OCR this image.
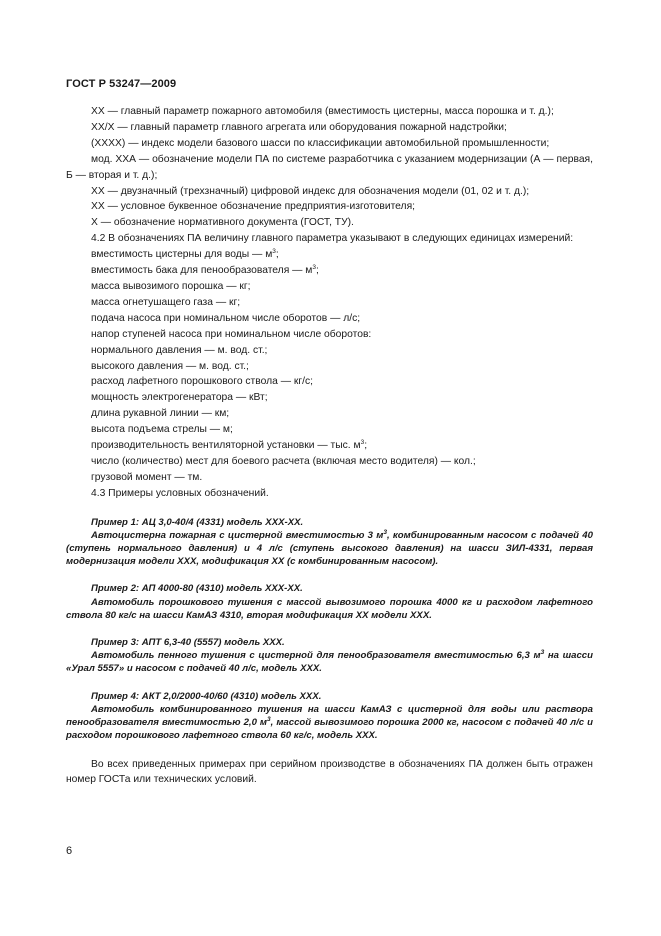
ГОСТ Р 53247—2009

ХХ — главный параметр пожарного автомобиля (вместимость цистерны, масса порошка и т. д.);

ХХ/Х — главный параметр главного агрегата или оборудования пожарной надстройки;

(ХХХХ) — индекс модели базового шасси по классификации автомобильной промышленности;

мод. ХХА — обозначение модели ПА по системе разработчика с указанием модернизации (А — первая, Б — вторая и т. д.);

ХХ — двузначный (трехзначный) цифровой индекс для обозначения модели (01, 02 и т. д.);

ХХ — условное буквенное обозначение предприятия-изготовителя;

Х — обозначение нормативного документа (ГОСТ, ТУ).

4.2 В обозначениях ПА величину главного параметра указывают в следующих единицах измерений:

вместимость цистерны для воды — $м^3$;

вместимость бака для пенообразователя — $м^3$;

масса вывозимого порошка — кг;

масса огнетушащего газа — кг;

подача насоса при номинальном числе оборотов — л/с;

напор ступеней насоса при номинальном числе оборотов:

нормального давления — м. вод. ст.;

высокого давления — м. вод. ст.;

расход лафетного порошкового ствола — кг/с;

мощность электрогенератора — кВт;

длина рукавной линии — км;

высота подъема стрелы — м;

производительность вентиляторной установки — тыс. $м^3$;

число (количество) мест для боевого расчета (включая место водителя) — кол.;

грузовой момент — тм.

4.3 Примеры условных обозначений.

Пример 1: АЦ 3,0-40/4 (4331) модель ХХХ-ХХ.

Автоцистерна пожарная с цистерной вместимостью 3 $м^3$, комбинированным насосом с подачей 40 (ступень нормального давления) и 4 л/с (ступень высокого давления) на шасси ЗИЛ-4331, первая модернизация модели ХХХ, модификация ХХ (с комбинированным насосом).

Пример 2: АП 4000-80 (4310) модель ХХХ-ХХ.

Автомобиль порошкового тушения с массой вывозимого порошка 4000 кг и расходом лафетного ствола 80 кг/с на шасси КамАЗ 4310, вторая модификация ХХ модели ХХХ.

Пример 3: АПТ 6,3-40 (5557) модель ХХХ.

Автомобиль пенного тушения с цистерной для пенообразователя вместимостью 6,3 $м^3$ на шасси «Урал 5557» и насосом с подачей 40 л/с, модель ХХХ.

Пример 4: АКТ 2,0/2000-40/60 (4310) модель ХХХ.

Автомобиль комбинированного тушения на шасси КамАЗ с цистерной для воды или раствора пенообразователя вместимостью 2,0 $м^3$, массой вывозимого порошка 2000 кг, насосом с подачей 40 л/с и расходом порошкового лафетного ствола 60 кг/с, модель ХХХ.

Во всех приведенных примерах при серийном производстве в обозначениях ПА должен быть отражен номер ГОСТа или технических условий.

6
